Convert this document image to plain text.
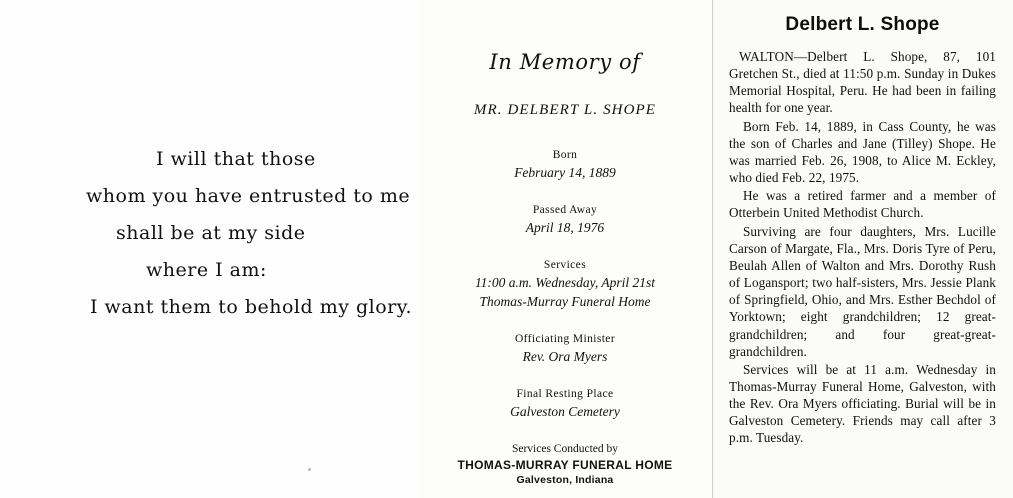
I will that those
whom you have entrusted to me
shall be at my side
where I am:
I want them to behold my glory.
In Memory of
MR. DELBERT L. SHOPE
Born
February 14, 1889
Passed Away
April 18, 1976
Services
11:00 a.m. Wednesday, April 21st
Thomas-Murray Funeral Home
Officiating Minister
Rev. Ora Myers
Final Resting Place
Galveston Cemetery
Services Conducted by
THOMAS-MURRAY FUNERAL HOME
Galveston, Indiana
Delbert L. Shope

WALTON—Delbert L. Shope, 87, 101 Gretchen St., died at 11:50 p.m. Sunday in Dukes Memorial Hospital, Peru. He had been in failing health for one year.

Born Feb. 14, 1889, in Cass County, he was the son of Charles and Jane (Tilley) Shope. He was married Feb. 26, 1908, to Alice M. Eckley, who died Feb. 22, 1975.

He was a retired farmer and a member of Otterbein United Methodist Church.

Surviving are four daughters, Mrs. Lucille Carson of Margate, Fla., Mrs. Doris Tyre of Peru, Beulah Allen of Walton and Mrs. Dorothy Rush of Logansport; two half-sisters, Mrs. Jessie Plank of Springfield, Ohio, and Mrs. Esther Bechdol of Yorktown; eight grandchildren; 12 great-grandchildren; and four great-great-grandchildren.

Services will be at 11 a.m. Wednesday in Thomas-Murray Funeral Home, Galveston, with the Rev. Ora Myers officiating. Burial will be in Galveston Cemetery. Friends may call after 3 p.m. Tuesday.
